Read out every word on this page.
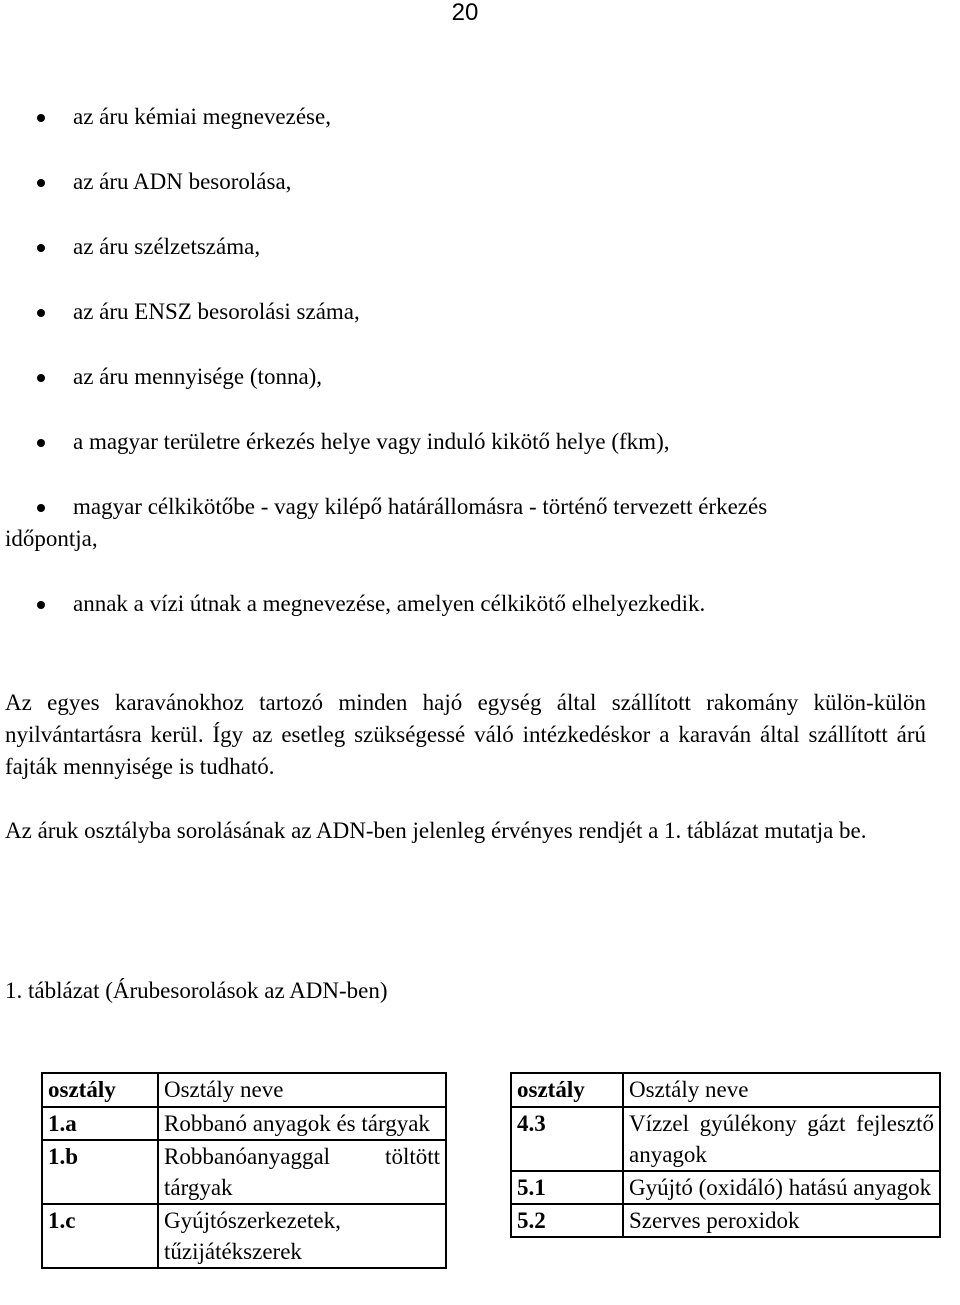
20
az áru kémiai megnevezése,
az áru ADN besorolása,
az áru szélzetszáma,
az áru ENSZ besorolási száma,
az áru mennyisége (tonna),
a magyar területre érkezés helye vagy induló kikötő helye (fkm),
magyar célkikötőbe - vagy kilépő határállomásra - történő tervezett érkezés
időpontja,
annak a vízi útnak a megnevezése, amelyen célkikötő elhelyezkedik.

Az egyes karavánokhoz tartozó minden hajó egység által szállított rakomány külön-külön nyilvántartásra kerül. Így az esetleg szükségessé váló intézkedéskor a karaván által szállított árú fajták mennyisége is tudható.

Az áruk osztályba sorolásának az ADN-ben jelenleg érvényes rendjét a 1. táblázat mutatja be.

1. táblázat (Árubesorolások az ADN-ben)

osztály	Osztály neve
1.a	Robbanó anyagok és tárgyak
1.b	Robbanóanyaggal töltött tárgyak
1.c	Gyújtószerkezetek, tűzijátékszerek
osztály	Osztály neve
4.3	Vízzel gyúlékony gázt fejlesztő anyagok
5.1	Gyújtó (oxidáló) hatású anyagok
5.2	Szerves peroxidok
